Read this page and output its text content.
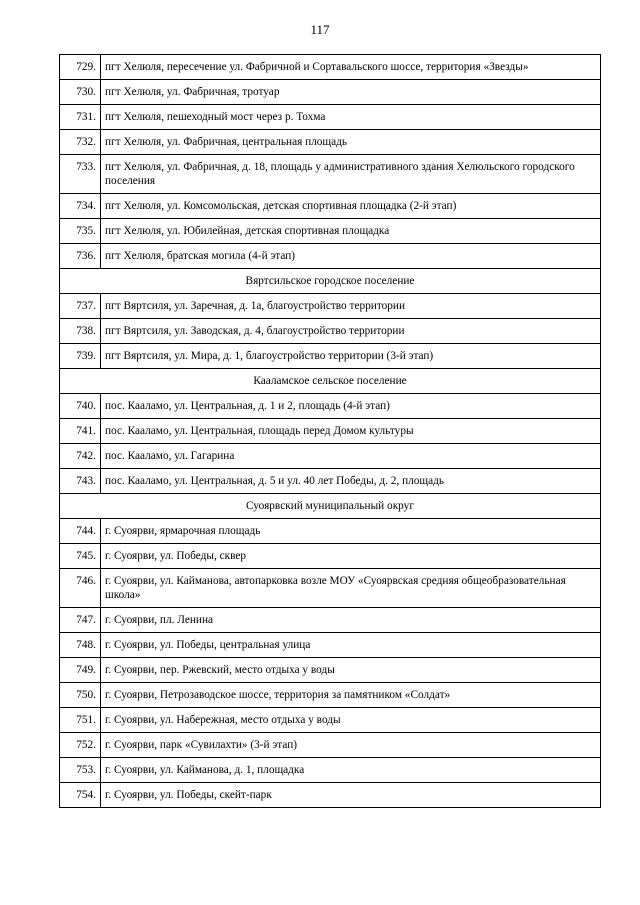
117
729.	пгт Хелюля, пересечение ул. Фабричной и Сортавальского шоссе, территория «Звезды»
730.	пгт Хелюля, ул. Фабричная, тротуар
731.	пгт Хелюля, пешеходный мост через р. Тохма
732.	пгт Хелюля, ул. Фабричная, центральная площадь
733.	пгт Хелюля, ул. Фабричная, д. 18, площадь у административного здания Хелюльского городского поселения
734.	пгт Хелюля, ул. Комсомольская, детская спортивная площадка (2-й этап)
735.	пгт Хелюля, ул. Юбилейная, детская спортивная площадка
736.	пгт Хелюля, братская могила (4-й этап)
Вяртсильское городское поселение	
737.	пгт Вяртсиля, ул. Заречная, д. 1а, благоустройство территории
738.	пгт Вяртсиля, ул. Заводская, д. 4, благоустройство территории
739.	пгт Вяртсиля, ул. Мира, д. 1, благоустройство территории (3-й этап)
Кааламское сельское поселение	
740.	пос. Кааламо, ул. Центральная, д. 1 и 2, площадь (4-й этап)
741.	пос. Кааламо, ул. Центральная, площадь перед Домом культуры
742.	пос. Кааламо, ул. Гагарина
743.	пос. Кааламо, ул. Центральная, д. 5 и ул. 40 лет Победы, д. 2, площадь
Суоярвский муниципальный округ	
744.	г. Суоярви, ярмарочная площадь
745.	г. Суоярви, ул. Победы, сквер
746.	г. Суоярви, ул. Кайманова, автопарковка возле МОУ «Суоярвская средняя общеобразовательная школа»
747.	г. Суоярви, пл. Ленина
748.	г. Суоярви, ул. Победы, центральная улица
749.	г. Суоярви, пер. Ржевский, место отдыха у воды
750.	г. Суоярви, Петрозаводское шоссе, территория за памятником «Солдат»
751.	г. Суоярви, ул. Набережная, место отдыха у воды
752.	г. Суоярви, парк «Сувилахти» (3-й этап)
753.	г. Суоярви, ул. Кайманова, д. 1, площадка
754.	г. Суоярви, ул. Победы, скейт-парк
